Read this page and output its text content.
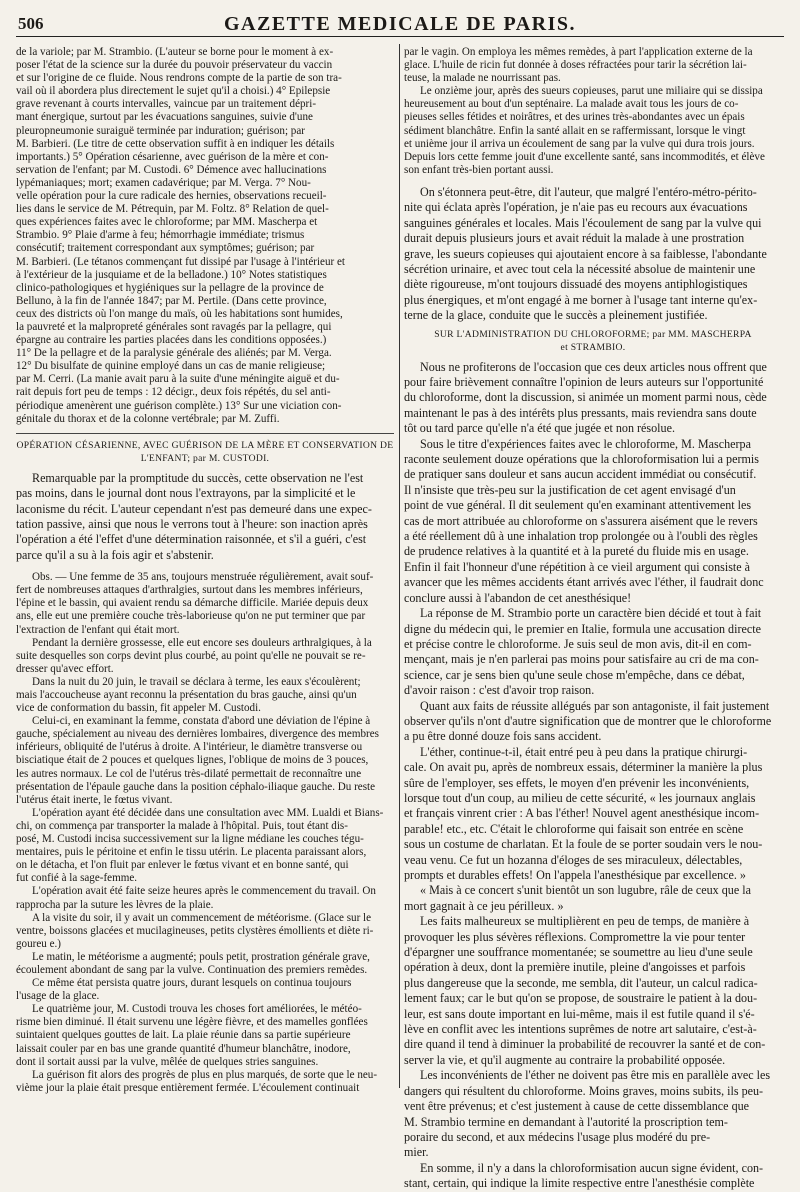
506	GAZETTE MEDICALE DE PARIS.
de la variole; par M. Strambio. (L'auteur se borne pour le moment à ex-
poser l'état de la science sur la durée du pouvoir préservateur du vaccin
et sur l'origine de ce fluide. Nous rendrons compte de la partie de son tra-
vail où il abordera plus directement le sujet qu'il a choisi.) 4° Epilepsie
grave revenant à courts intervalles, vaincue par un traitement dépri-
mant énergique, surtout par les évacuations sanguines, suivie d'une
pleuropneumonie suraiguë terminée par induration; guérison; par
M. Barbieri. (Le titre de cette observation suffit à en indiquer les détails
importants.) 5° Opération césarienne, avec guérison de la mère et con-
servation de l'enfant; par M. Custodi. 6° Démence avec hallucinations
lypémaniaques; mort; examen cadavérique; par M. Verga. 7° Nou-
velle opération pour la cure radicale des hernies, observations recueil-
lies dans le service de M. Pétrequin, par M. Foltz. 8° Relation de quel-
ques expériences faites avec le chloroforme; par MM. Mascherpa et
Strambio. 9° Plaie d'arme à feu; hémorrhagie immédiate; trismus
consécutif; traitement correspondant aux symptômes; guérison; par
M. Barbieri. (Le tétanos commençant fut dissipé par l'usage à l'intérieur et
à l'extérieur de la jusquiame et de la belladone.) 10° Notes statistiques
clinico-pathologiques et hygiéniques sur la pellagre de la province de
Belluno, à la fin de l'année 1847; par M. Pertile. (Dans cette province,
ceux des districts où l'on mange du maïs, où les habitations sont humides,
la pauvreté et la malpropreté générales sont ravagés par la pellagre, qui
épargne au contraire les parties placées dans les conditions opposées.)
11° De la pellagre et de la paralysie générale des aliénés; par M. Verga.
12° Du bisulfate de quinine employé dans un cas de manie religieuse;
par M. Cerri. (La manie avait paru à la suite d'une méningite aiguë et du-
rait depuis fort peu de temps : 12 décigr., deux fois répétés, du sel anti-
périodique amenèrent une guérison complète.) 13° Sur une viciation con-
génitale du thorax et de la colonne vertébrale; par M. Zuffi.
OPÉRATION CÉSARIENNE, AVEC GUÉRISON DE LA MÈRE ET CONSERVATION DE
L'ENFANT; par M. CUSTODI.
Remarquable par la promptitude du succès, cette observation ne l'est
pas moins, dans le journal dont nous l'extrayons, par la simplicité et le
laconisme du récit. L'auteur cependant n'est pas demeuré dans une expec-
tation passive, ainsi que nous le verrons tout à l'heure: son inaction après
l'opération a été l'effet d'une détermination raisonnée, et s'il a guéri, c'est
parce qu'il a su à la fois agir et s'abstenir.
Obs. — Une femme de 35 ans, toujours menstruée régulièrement, avait souf-
fert de nombreuses attaques d'arthralgies, surtout dans les membres inférieurs,
l'épine et le bassin, qui avaient rendu sa démarche difficile. Mariée depuis deux
ans, elle eut une première couche très-laborieuse qu'on ne put terminer que par
l'extraction de l'enfant qui était mort.
Pendant la dernière grossesse, elle eut encore ses douleurs arthralgiques, à la
suite desquelles son corps devint plus courbé, au point qu'elle ne pouvait se re-
dresser qu'avec effort.
Dans la nuit du 20 juin, le travail se déclara à terme, les eaux s'écoulèrent;
mais l'accoucheuse ayant reconnu la présentation du bras gauche, ainsi qu'un
vice de conformation du bassin, fit appeler M. Custodi.
Celui-ci, en examinant la femme, constata d'abord une déviation de l'épine à
gauche, spécialement au niveau des dernières lombaires, divergence des membres
inférieurs, obliquité de l'utérus à droite. A l'intérieur, le diamètre transverse ou
bisciatique était de 2 pouces et quelques lignes, l'oblique de moins de 3 pouces,
les autres normaux. Le col de l'utérus très-dilaté permettait de reconnaître une
présentation de l'épaule gauche dans la position céphalo-iliaque gauche. Du reste
l'utérus était inerte, le fœtus vivant.
L'opération ayant été décidée dans une consultation avec MM. Lualdi et Bians-
chi, on commença par transporter la malade à l'hôpital. Puis, tout étant dis-
posé, M. Custodi incisa successivement sur la ligne médiane les couches tégu-
mentaires, puis le péritoine et enfin le tissu utérin. Le placenta paraissant alors,
on le détacha, et l'on fluit par enlever le fœtus vivant et en bonne santé, qui
fut confié à la sage-femme.
L'opération avait été faite seize heures après le commencement du travail. On
rapprocha par la suture les lèvres de la plaie.
A la visite du soir, il y avait un commencement de météorisme. (Glace sur le
ventre, boissons glacées et mucilagineuses, petits clystères émollients et diète ri-
goureu e.)
Le matin, le météorisme a augmenté; pouls petit, prostration générale grave,
écoulement abondant de sang par la vulve. Continuation des premiers remèdes.
Ce même état persista quatre jours, durant lesquels on continua toujours
l'usage de la glace.
Le quatrième jour, M. Custodi trouva les choses fort améliorées, le météo-
risme bien diminué. Il était survenu une légère fièvre, et des mamelles gonflées
suintaient quelques gouttes de lait. La plaie réunie dans sa partie supérieure
laissait couler par en bas une grande quantité d'humeur blanchâtre, inodore,
dont il sortait aussi par la vulve, mêlée de quelques stries sanguines.
La guérison fit alors des progrès de plus en plus marqués, de sorte que le neu-
vième jour la plaie était presque entièrement fermée. L'écoulement continuait
par le vagin. On employa les mêmes remèdes, à part l'application externe de la
glace. L'huile de ricin fut donnée à doses réfractées pour tarir la sécrétion lai-
teuse, la malade ne nourrissant pas.
Le onzième jour, après des sueurs copieuses, parut une miliaire qui se dissipa
heureusement au bout d'un septénaire. La malade avait tous les jours de co-
pieuses selles fétides et noirâtres, et des urines très-abondantes avec un épais
sédiment blanchâtre. Enfin la santé allait en se raffermissant, lorsque le vingt
et unième jour il arriva un écoulement de sang par la vulve qui dura trois jours.
Depuis lors cette femme jouit d'une excellente santé, sans incommodités, et élève
son enfant très-bien portant aussi.
On s'étonnera peut-être, dit l'auteur, que malgré l'entéro-métro-périto-
nite qui éclata après l'opération, je n'aie pas eu recours aux évacuations
sanguines générales et locales. Mais l'écoulement de sang par la vulve qui
durait depuis plusieurs jours et avait réduit la malade à une prostration
grave, les sueurs copieuses qui ajoutaient encore à sa faiblesse, l'abondante
sécrétion urinaire, et avec tout cela la nécessité absolue de maintenir une
diète rigoureuse, m'ont toujours dissuadé des moyens antiphlogistiques
plus énergiques, et m'ont engagé à me borner à l'usage tant interne qu'ex-
terne de la glace, conduite que le succès a pleinement justifiée.
SUR L'ADMINISTRATION DU CHLOROFORME; par MM. MASCHERPA
et STRAMBIO.
Nous ne profiterons de l'occasion que ces deux articles nous offrent que
pour faire brièvement connaître l'opinion de leurs auteurs sur l'opportunité
du chloroforme, dont la discussion, si animée un moment parmi nous, cède
maintenant le pas à des intérêts plus pressants, mais reviendra sans doute
tôt ou tard parce qu'elle n'a été que jugée et non résolue.
Sous le titre d'expériences faites avec le chloroforme, M. Mascherpa
raconte seulement douze opérations que la chloroformisation lui a permis
de pratiquer sans douleur et sans aucun accident immédiat ou consécutif.
Il n'insiste que très-peu sur la justification de cet agent envisagé d'un
point de vue général. Il dit seulement qu'en examinant attentivement les
cas de mort attribuée au chloroforme on s'assurera aisément que le revers
a été réellement dû à une inhalation trop prolongée ou à l'oubli des règles
de prudence relatives à la quantité et à la pureté du fluide mis en usage.
Enfin il fait l'honneur d'une répétition à ce vieil argument qui consiste à
avancer que les mêmes accidents étant arrivés avec l'éther, il faudrait donc
conclure aussi à l'abandon de cet anesthésique!
La réponse de M. Strambio porte un caractère bien décidé et tout à fait
digne du médecin qui, le premier en Italie, formula une accusation directe
et précise contre le chloroforme. Je suis seul de mon avis, dit-il en com-
mençant, mais je n'en parlerai pas moins pour satisfaire au cri de ma con-
science, car je sens bien qu'une seule chose m'empêche, dans ce débat,
d'avoir raison : c'est d'avoir trop raison.
Quant aux faits de réussite allégués par son antagoniste, il fait justement
observer qu'ils n'ont d'autre signification que de montrer que le chloroforme
a pu être donné douze fois sans accident.
L'éther, continue-t-il, était entré peu à peu dans la pratique chirurgi-
cale. On avait pu, après de nombreux essais, déterminer la manière la plus
sûre de l'employer, ses effets, le moyen d'en prévenir les inconvénients,
lorsque tout d'un coup, au milieu de cette sécurité, « les journaux anglais
et français vinrent crier : A bas l'éther! Nouvel agent anesthésique incom-
parable! etc., etc. C'était le chloroforme qui faisait son entrée en scène
sous un costume de charlatan. Et la foule de se porter soudain vers le nou-
veau venu. Ce fut un hozanna d'éloges de ses miraculeux, délectables,
prompts et durables effets! On l'appela l'anesthésique par excellence. »
« Mais à ce concert s'unit bientôt un son lugubre, râle de ceux que la
mort gagnait à ce jeu périlleux. »
Les faits malheureux se multiplièrent en peu de temps, de manière à
provoquer les plus sévères réflexions. Compromettre la vie pour tenter
d'épargner une souffrance momentanée; se soumettre au lieu d'une seule
opération à deux, dont la première inutile, pleine d'angoisses et parfois
plus dangereuse que la seconde, me sembla, dit l'auteur, un calcul radica-
lement faux; car le but qu'on se propose, de soustraire le patient à la dou-
leur, est sans doute important en lui-même, mais il est futile quand il s'é-
lève en conflit avec les intentions suprêmes de notre art salutaire, c'est-à-
dire quand il tend à diminuer la probabilité de recouvrer la santé et de con-
server la vie, et qu'il augmente au contraire la probabilité opposée.
Les inconvénients de l'éther ne doivent pas être mis en parallèle avec les
dangers qui résultent du chloroforme. Moins graves, moins subits, ils peu-
vent être prévenus; et c'est justement à cause de cette dissemblance que
M. Strambio termine en demandant à l'autorité la proscription tem-
poraire du second, et aux médecins l'usage plus modéré du pre-
mier.
En somme, il n'y a dans la chloroformisation aucun signe évident, con-
stant, certain, qui indique la limite respective entre l'anesthésie complète
